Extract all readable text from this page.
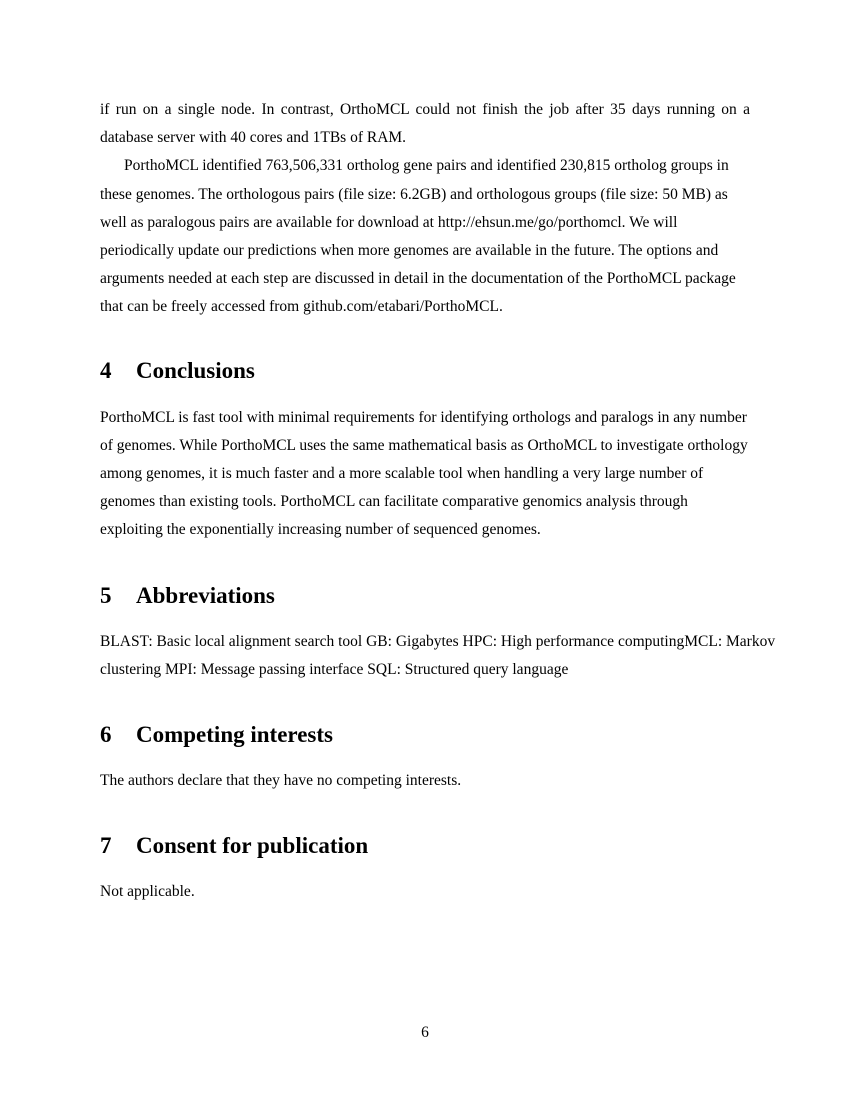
if run on a single node. In contrast, OrthoMCL could not finish the job after 35 days running on a database server with 40 cores and 1TBs of RAM.

PorthoMCL identified 763,506,331 ortholog gene pairs and identified 230,815 ortholog groups in these genomes. The orthologous pairs (file size: 6.2GB) and orthologous groups (file size: 50 MB) as well as paralogous pairs are available for download at http://ehsun.me/go/porthomcl. We will periodically update our predictions when more genomes are available in the future. The options and arguments needed at each step are discussed in detail in the documentation of the PorthoMCL package that can be freely accessed from github.com/etabari/PorthoMCL.

4	Conclusions

PorthoMCL is fast tool with minimal requirements for identifying orthologs and paralogs in any number of genomes. While PorthoMCL uses the same mathematical basis as OrthoMCL to investigate orthology among genomes, it is much faster and a more scalable tool when handling a very large number of genomes than existing tools. PorthoMCL can facilitate comparative genomics analysis through exploiting the exponentially increasing number of sequenced genomes.

5	Abbreviations

BLAST: Basic local alignment search tool GB: Gigabytes HPC: High performance computingMCL: Markov clustering MPI: Message passing interface SQL: Structured query language

6	Competing interests

The authors declare that they have no competing interests.

7	Consent for publication

Not applicable.

6
